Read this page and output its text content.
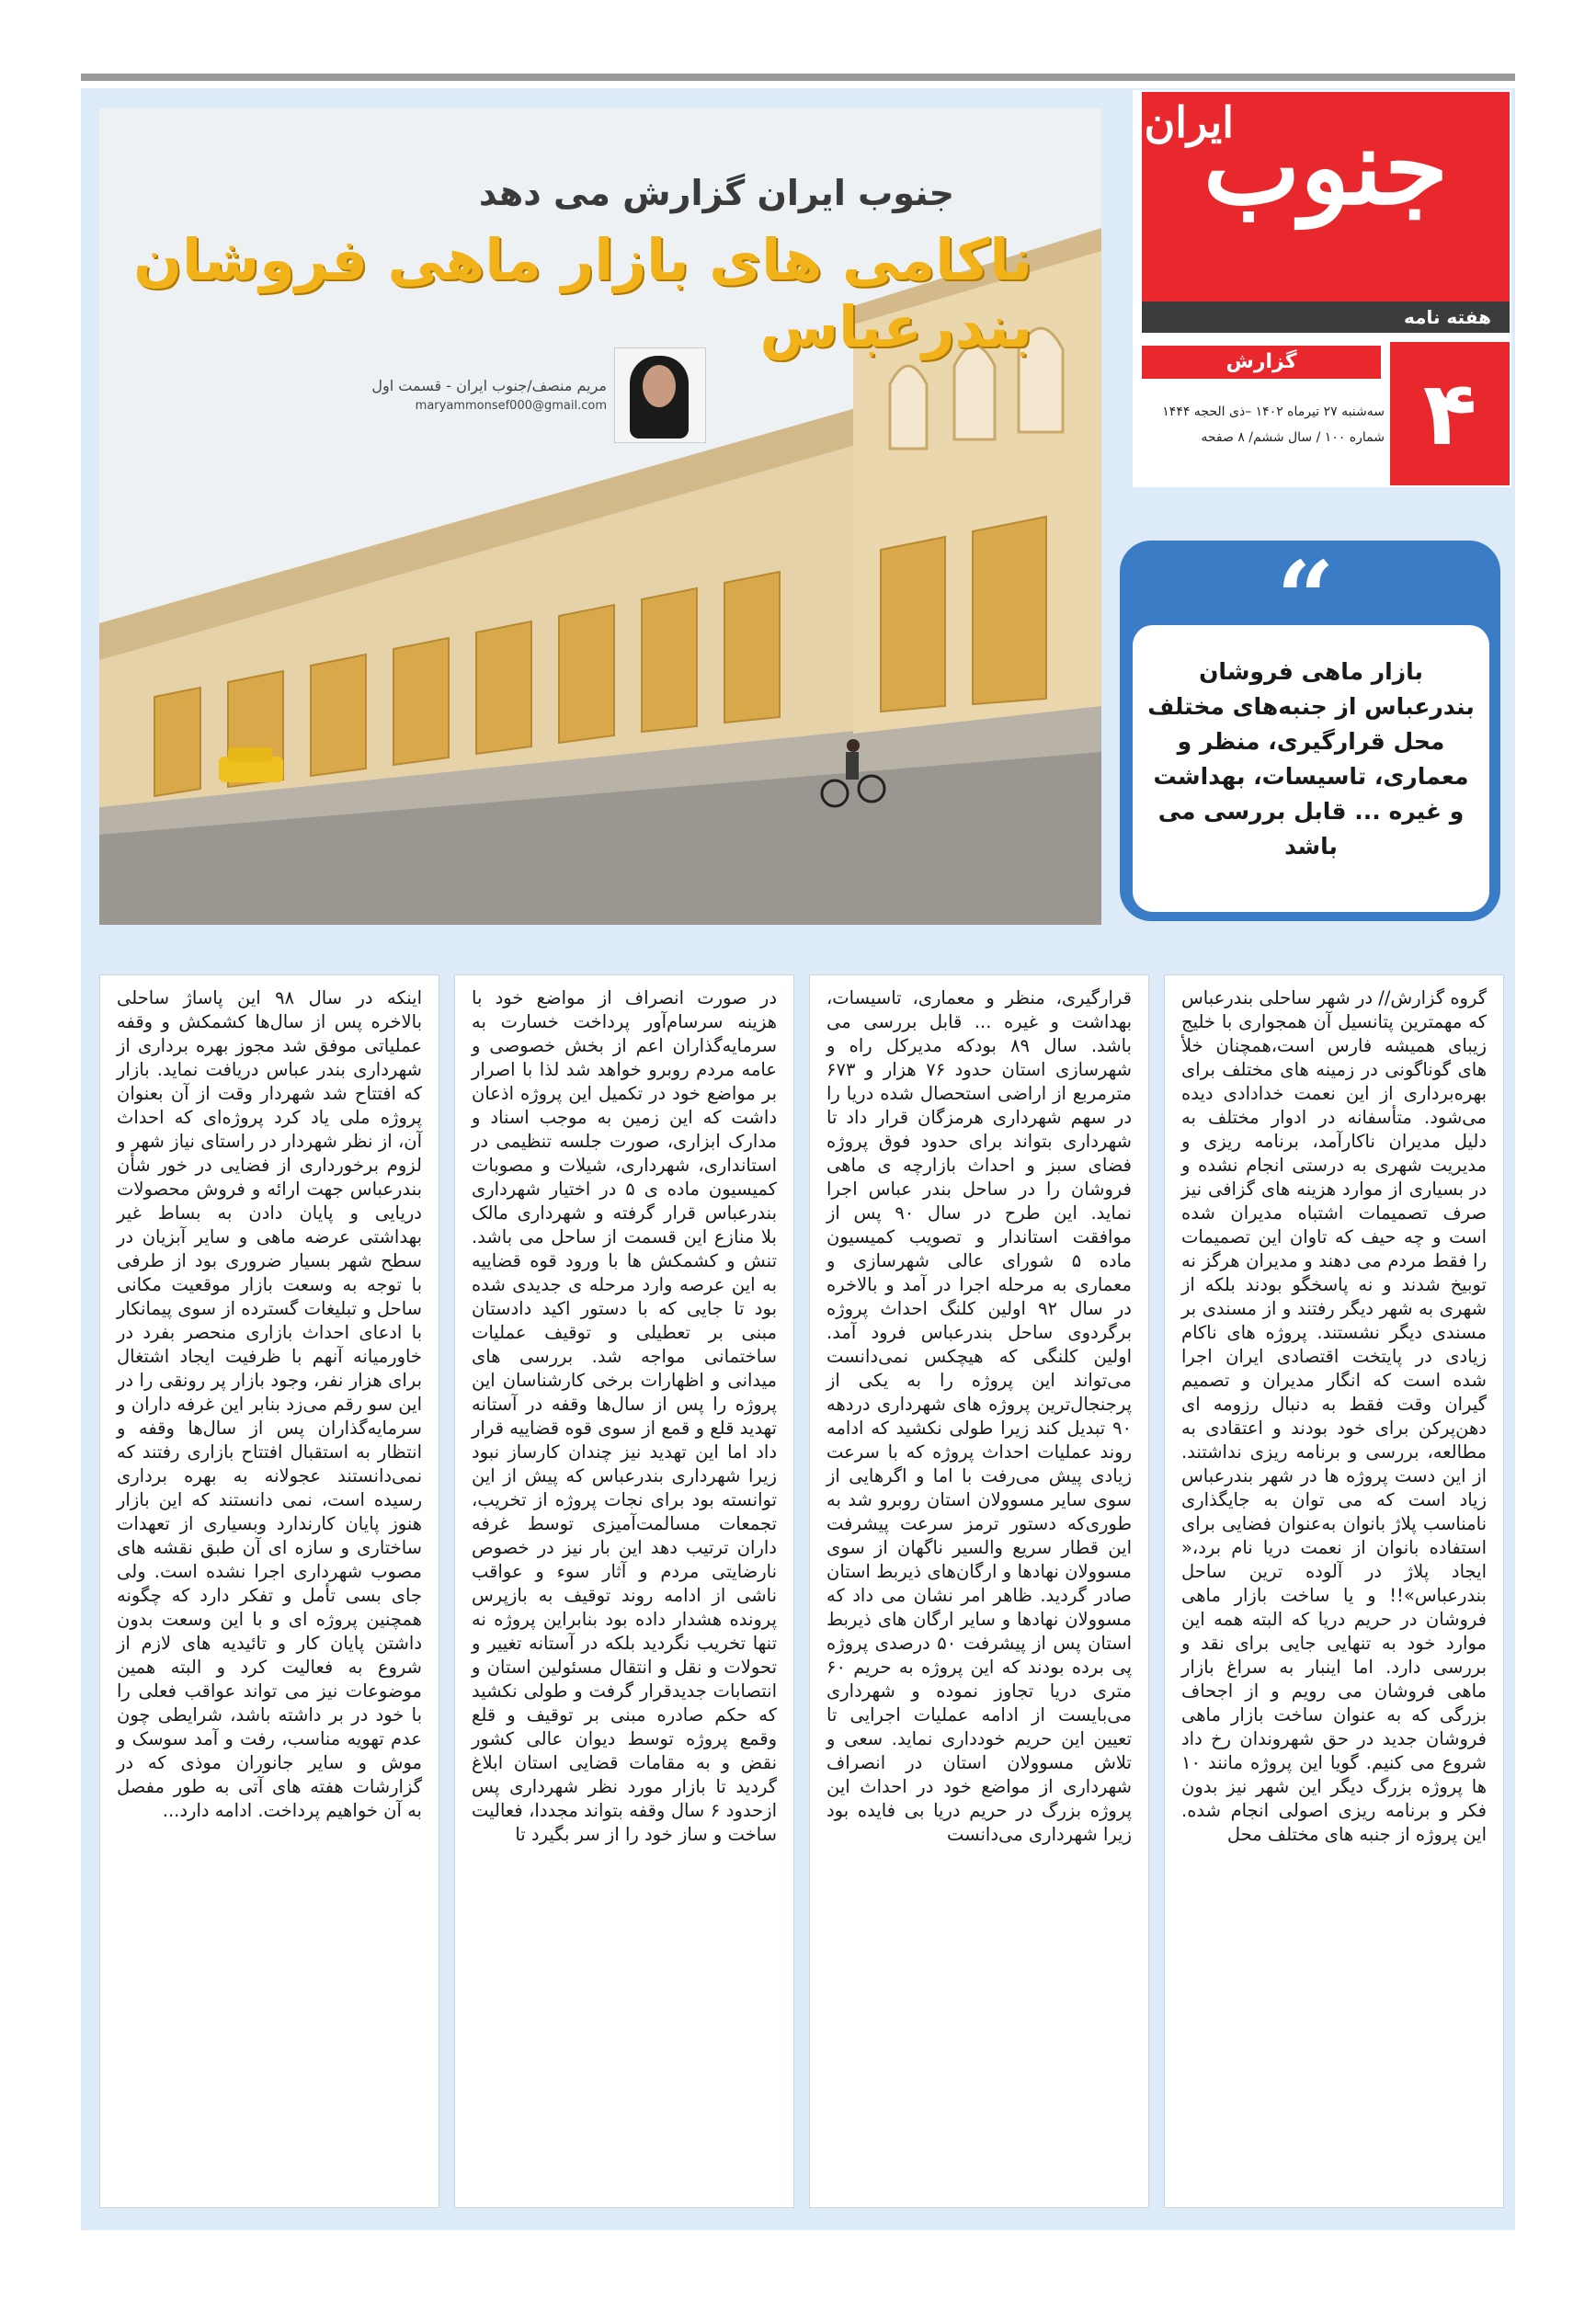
ایران
جنوب
هفته نامه
گزارش
۴
سه‌شنبه ۲۷ تیرماه ۱۴۰۲ –ذی الحجه ۱۴۴۴
شماره ۱۰۰ / سال ششم/ ۸ صفحه
جنوب ایران گزارش می دهد
ناکامی های بازار ماهی فروشان بندرعباس
مریم منصف/جنوب ایران - قسمت اول
maryammonsef000@gmail.com
“
بازار ماهی فروشان بندرعباس از جنبه‌های مختلف محل قرارگیری، منظر و معماری، تاسیسات، بهداشت و غیره ... قابل بررسی می باشد
گروه گزارش// در شهر ساحلی بندرعباس که مهمترین پتانسیل آن همجواری با خلیج زیبای همیشه فارس است،همچنان خلأ های گوناگونی در زمینه های مختلف برای بهره‌برداری از این نعمت خدادادی دیده می‌شود. متأسفانه در ادوار مختلف به دلیل مدیران ناکارآمد، برنامه ریزی و مدیریت شهری به درستی انجام نشده و در بسیاری از موارد هزینه های گزافی نیز صرف تصمیمات اشتباه مدیران شده است و چه حیف که تاوان این تصمیمات را فقط مردم می دهند و مدیران هرگز نه توبیخ شدند و نه پاسخگو بودند بلکه از شهری به شهر دیگر رفتند و از مسندی بر مسندی دیگر نشستند. پروژه های ناکام زیادی در پایتخت اقتصادی ایران اجرا شده است که انگار مدیران و تصمیم گیران وقت فقط به دنبال رزومه ای دهن‌پرکن برای خود بودند و اعتقادی به مطالعه، بررسی و برنامه ریزی نداشتند. از این دست پروژه ها در شهر بندرعباس زیاد است که می توان به جایگذاری نامناسب پلاژ بانوان به‌عنوان فضایی برای استفاده بانوان از نعمت دریا نام برد،« ایجاد پلاژ در آلوده ترین ساحل بندرعباس»!! و یا ساخت بازار ماهی فروشان در حریم دریا که البته همه این موارد خود به تنهایی جایی برای نقد و بررسی دارد. اما اینبار به سراغ بازار ماهی فروشان می رویم و از اجحاف بزرگی که به عنوان ساخت بازار ماهی فروشان جدید در حق شهروندان رخ داد شروع می کنیم. گویا این پروژه مانند ۱۰ ها پروژه بزرگ دیگر این شهر نیز بدون فکر و برنامه ریزی اصولی انجام شده. این پروژه از جنبه های مختلف محل
قرارگیری، منظر و معماری، تاسیسات، بهداشت و غیره ... قابل بررسی می باشد. سال ۸۹ بودکه مدیرکل راه و شهرسازی استان حدود ۷۶ هزار و ۶۷۳ مترمربع از اراضی استحصال شده دریا را در سهم شهرداری هرمزگان قرار داد تا شهرداری بتواند برای حدود فوق پروژه فضای سبز و احداث بازارچه ی ماهی فروشان را در ساحل بندر عباس اجرا نماید. این طرح در سال ۹۰ پس از موافقت استاندار و تصویب کمیسیون ماده ۵ شورای عالی شهرسازی و معماری به مرحله اجرا در آمد و بالاخره در سال ۹۲ اولین کلنگ احداث پروژه برگردوی ساحل بندرعباس فرود آمد. اولین کلنگی که هیچکس نمی‌دانست می‌تواند این پروژه را به یکی از پرجنجال‌ترین پروژه های شهرداری دردهه ۹۰ تبدیل کند زیرا طولی نکشید که ادامه روند عملیات احداث پروژه که با سرعت زیادی پیش می‌رفت با اما و اگرهایی از سوی سایر مسوولان استان روبرو شد به طوری‌که دستور ترمز سرعت پیشرفت این قطار سریع والسیر ناگهان از سوی مسوولان نهادها و ارگان‌های ذیربط استان صادر گردید. ظاهر امر نشان می داد که مسوولان نهادها و سایر ارگان های ذیربط استان پس از پیشرفت ۵۰ درصدی پروژه پی برده بودند که این پروژه به حریم ۶۰ متری دریا تجاوز نموده و شهرداری می‌بایست از ادامه عملیات اجرایی تا تعیین این حریم خودداری نماید. سعی و تلاش مسوولان استان در انصراف شهرداری از مواضع خود در احداث این پروژه بزرگ در حریم دریا بی فایده بود زیرا شهرداری می‌دانست
در صورت انصراف از مواضع خود با هزینه سرسام‌آور پرداخت خسارت به سرمایه‌گذاران اعم از بخش خصوصی و عامه مردم روبرو خواهد شد لذا با اصرار بر مواضع خود در تکمیل این پروژه اذعان داشت که این زمین به موجب اسناد و مدارک ابزاری، صورت جلسه تنظیمی در استانداری، شهرداری، شیلات و مصوبات کمیسیون ماده ی ۵ در اختیار شهرداری بندرعباس قرار گرفته و شهرداری مالک بلا منازع این قسمت از ساحل می باشد. تنش و کشمکش ها با ورود قوه قضاییه به این عرصه وارد مرحله ی جدیدی شده بود تا جایی که با دستور اکید دادستان مبنی بر تعطیلی و توقیف عملیات ساختمانی مواجه شد. بررسی های میدانی و اظهارات برخی کارشناسان این پروژه را پس از سال‌ها وقفه در آستانه تهدید قلع و قمع از سوی قوه قضاییه قرار داد اما این تهدید نیز چندان کارساز نبود زیرا شهرداری بندرعباس که پیش از این توانسته بود برای نجات پروژه از تخریب، تجمعات مسالمت‌آمیزی توسط غرفه داران ترتیب دهد این بار نیز در خصوص نارضایتی مردم و آثار سوء و عواقب ناشی از ادامه روند توقیف به بازپرس پرونده هشدار داده بود بنابراین پروژه نه تنها تخریب نگردید بلکه در آستانه تغییر و تحولات و نقل و انتقال مسئولین استان و انتصابات جدیدقرار گرفت و طولی نکشید که حکم صادره مبنی بر توقیف و قلع وقمع پروژه توسط دیوان عالی کشور نقض و به مقامات قضایی استان ابلاغ گردید تا بازار مورد نظر شهرداری پس ازحدود ۶ سال وقفه بتواند مجددا، فعالیت ساخت و ساز خود را از سر بگیرد تا
اینکه در سال ۹۸ این پاساژ ساحلی بالاخره پس از سال‌ها کشمکش و وقفه عملیاتی موفق شد مجوز بهره برداری از شهرداری بندر عباس دریافت نماید. بازار که افتتاح شد شهردار وقت از آن بعنوان پروژه ملی یاد کرد پروژه‌ای که احداث آن، از نظر شهردار در راستای نیاز شهر و لزوم برخورداری از فضایی در خور شأن بندرعباس جهت ارائه و فروش محصولات دریایی و پایان دادن به بساط غیر بهداشتی عرضه ماهی و سایر آبزیان در سطح شهر بسیار ضروری بود از طرفی با توجه به وسعت بازار موقعیت مکانی ساحل و تبلیغات گسترده از سوی پیمانکار با ادعای احداث بازاری منحصر بفرد در خاورمیانه آنهم با ظرفیت ایجاد اشتغال برای هزار نفر، وجود بازار پر رونقی را در این سو رقم می‌زد بنابر این غرفه داران و سرمایه‌گذاران پس از سال‌ها وقفه و انتظار به استقبال افتتاح بازاری رفتند که نمی‌دانستند عجولانه به بهره برداری رسیده است، نمی دانستند که این بازار هنوز پایان کارندارد وبسیاری از تعهدات ساختاری و سازه ای آن طبق نقشه های مصوب شهرداری اجرا نشده است. ولی جای بسی تأمل و تفکر دارد که چگونه همچنین پروژه ای و با این وسعت بدون داشتن پایان کار و تائیدیه های لازم از شروع به فعالیت کرد و البته همین موضوعات نیز می تواند عواقب فعلی را با خود در بر داشته باشد، شرایطی چون عدم تهویه مناسب، رفت و آمد سوسک و موش و سایر جانوران موذی که در گزارشات هفته های آتی به طور مفصل به آن خواهیم پرداخت. ادامه دارد...
